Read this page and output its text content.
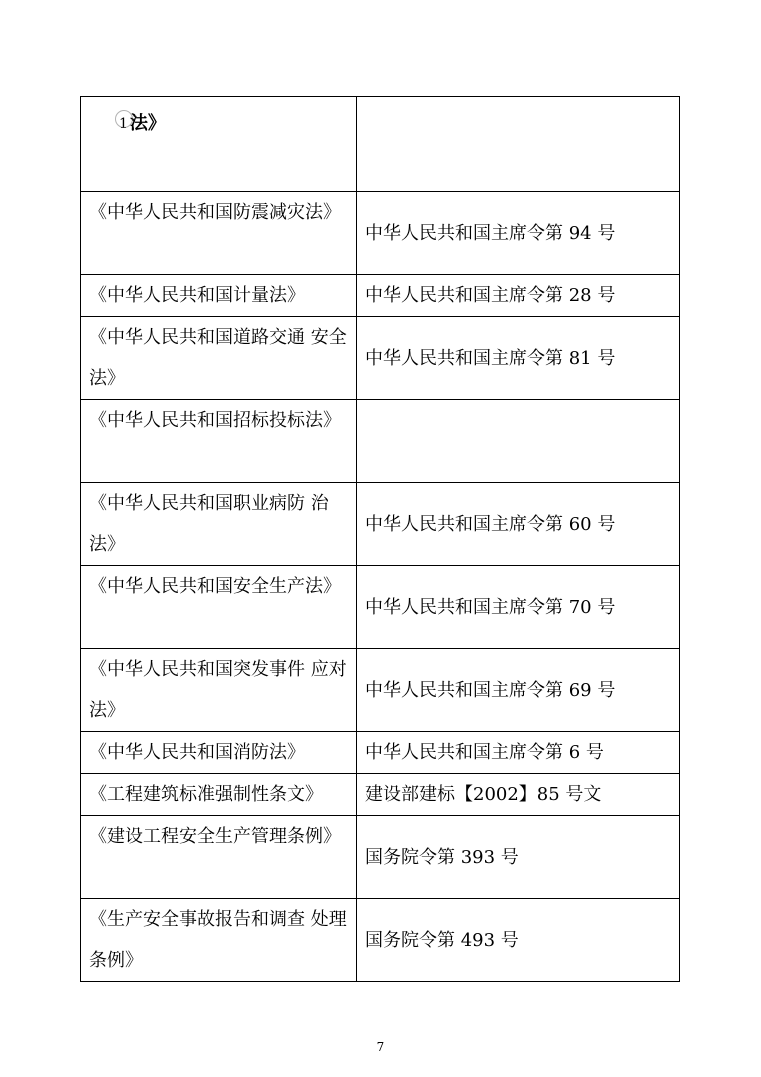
1 法》	

《中华人民共和国防震减灾法》	中华人民共和国主席令第 94 号

《中华人民共和国计量法》	中华人民共和国主席令第 28 号

《中华人民共和国道路交通 安全法》	中华人民共和国主席令第 81 号

《中华人民共和国招标投标法》	

《中华人民共和国职业病防 治法》	中华人民共和国主席令第 60 号

《中华人民共和国安全生产法》	中华人民共和国主席令第 70 号

《中华人民共和国突发事件 应对法》	中华人民共和国主席令第 69 号

《中华人民共和国消防法》	中华人民共和国主席令第 6 号

《工程建筑标准强制性条文》	建设部建标【2002】85 号文

《建设工程安全生产管理条例》	国务院令第 393 号

《生产安全事故报告和调查 处理条例》	国务院令第 493 号
7
